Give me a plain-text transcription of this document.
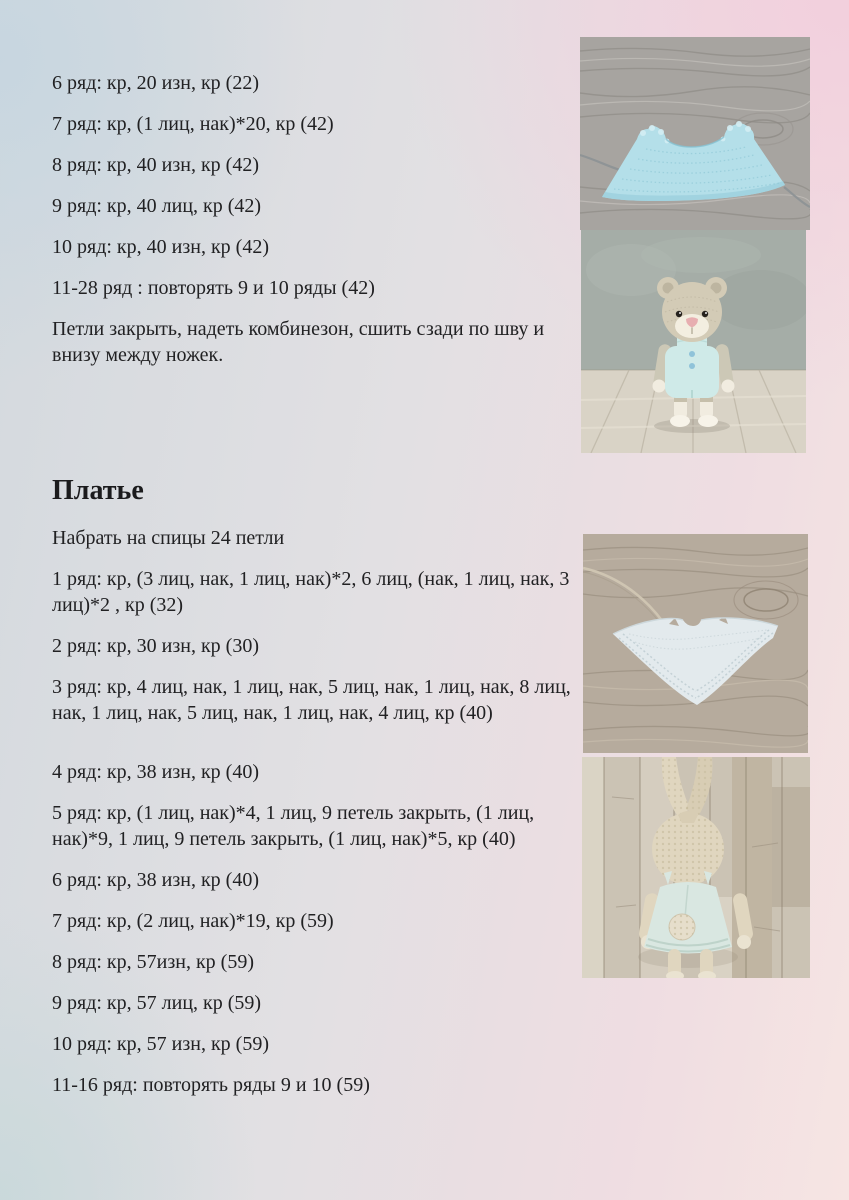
6 ряд: кр, 20 изн, кр (22)

7 ряд: кр, (1 лиц, нак)*20, кр (42)

8 ряд: кр, 40 изн, кр (42)

9 ряд: кр, 40 лиц, кр (42)

10 ряд: кр, 40 изн, кр (42)

11-28 ряд : повторять 9 и 10 ряды (42)

Петли закрыть, надеть комбинезон, сшить сзади по шву и внизу между ножек.

Платье

Набрать на спицы 24 петли

1 ряд: кр, (3 лиц, нак, 1 лиц, нак)*2, 6 лиц, (нак, 1 лиц, нак, 3 лиц)*2 , кр (32)

2 ряд: кр, 30 изн, кр (30)

3 ряд: кр, 4 лиц, нак, 1 лиц, нак, 5 лиц, нак, 1 лиц, нак, 8 лиц, нак, 1 лиц, нак, 5 лиц, нак, 1 лиц, нак, 4 лиц, кр (40)

4 ряд: кр, 38 изн, кр (40)

5 ряд: кр, (1 лиц, нак)*4, 1 лиц, 9 петель закрыть, (1 лиц, нак)*9, 1 лиц, 9 петель закрыть, (1 лиц, нак)*5, кр (40)

6 ряд: кр, 38 изн, кр (40)

7 ряд: кр, (2 лиц, нак)*19, кр (59)

8 ряд: кр, 57изн, кр (59)

9 ряд: кр, 57 лиц, кр (59)

10 ряд: кр, 57 изн, кр (59)

11-16 ряд: повторять ряды 9 и 10 (59)
